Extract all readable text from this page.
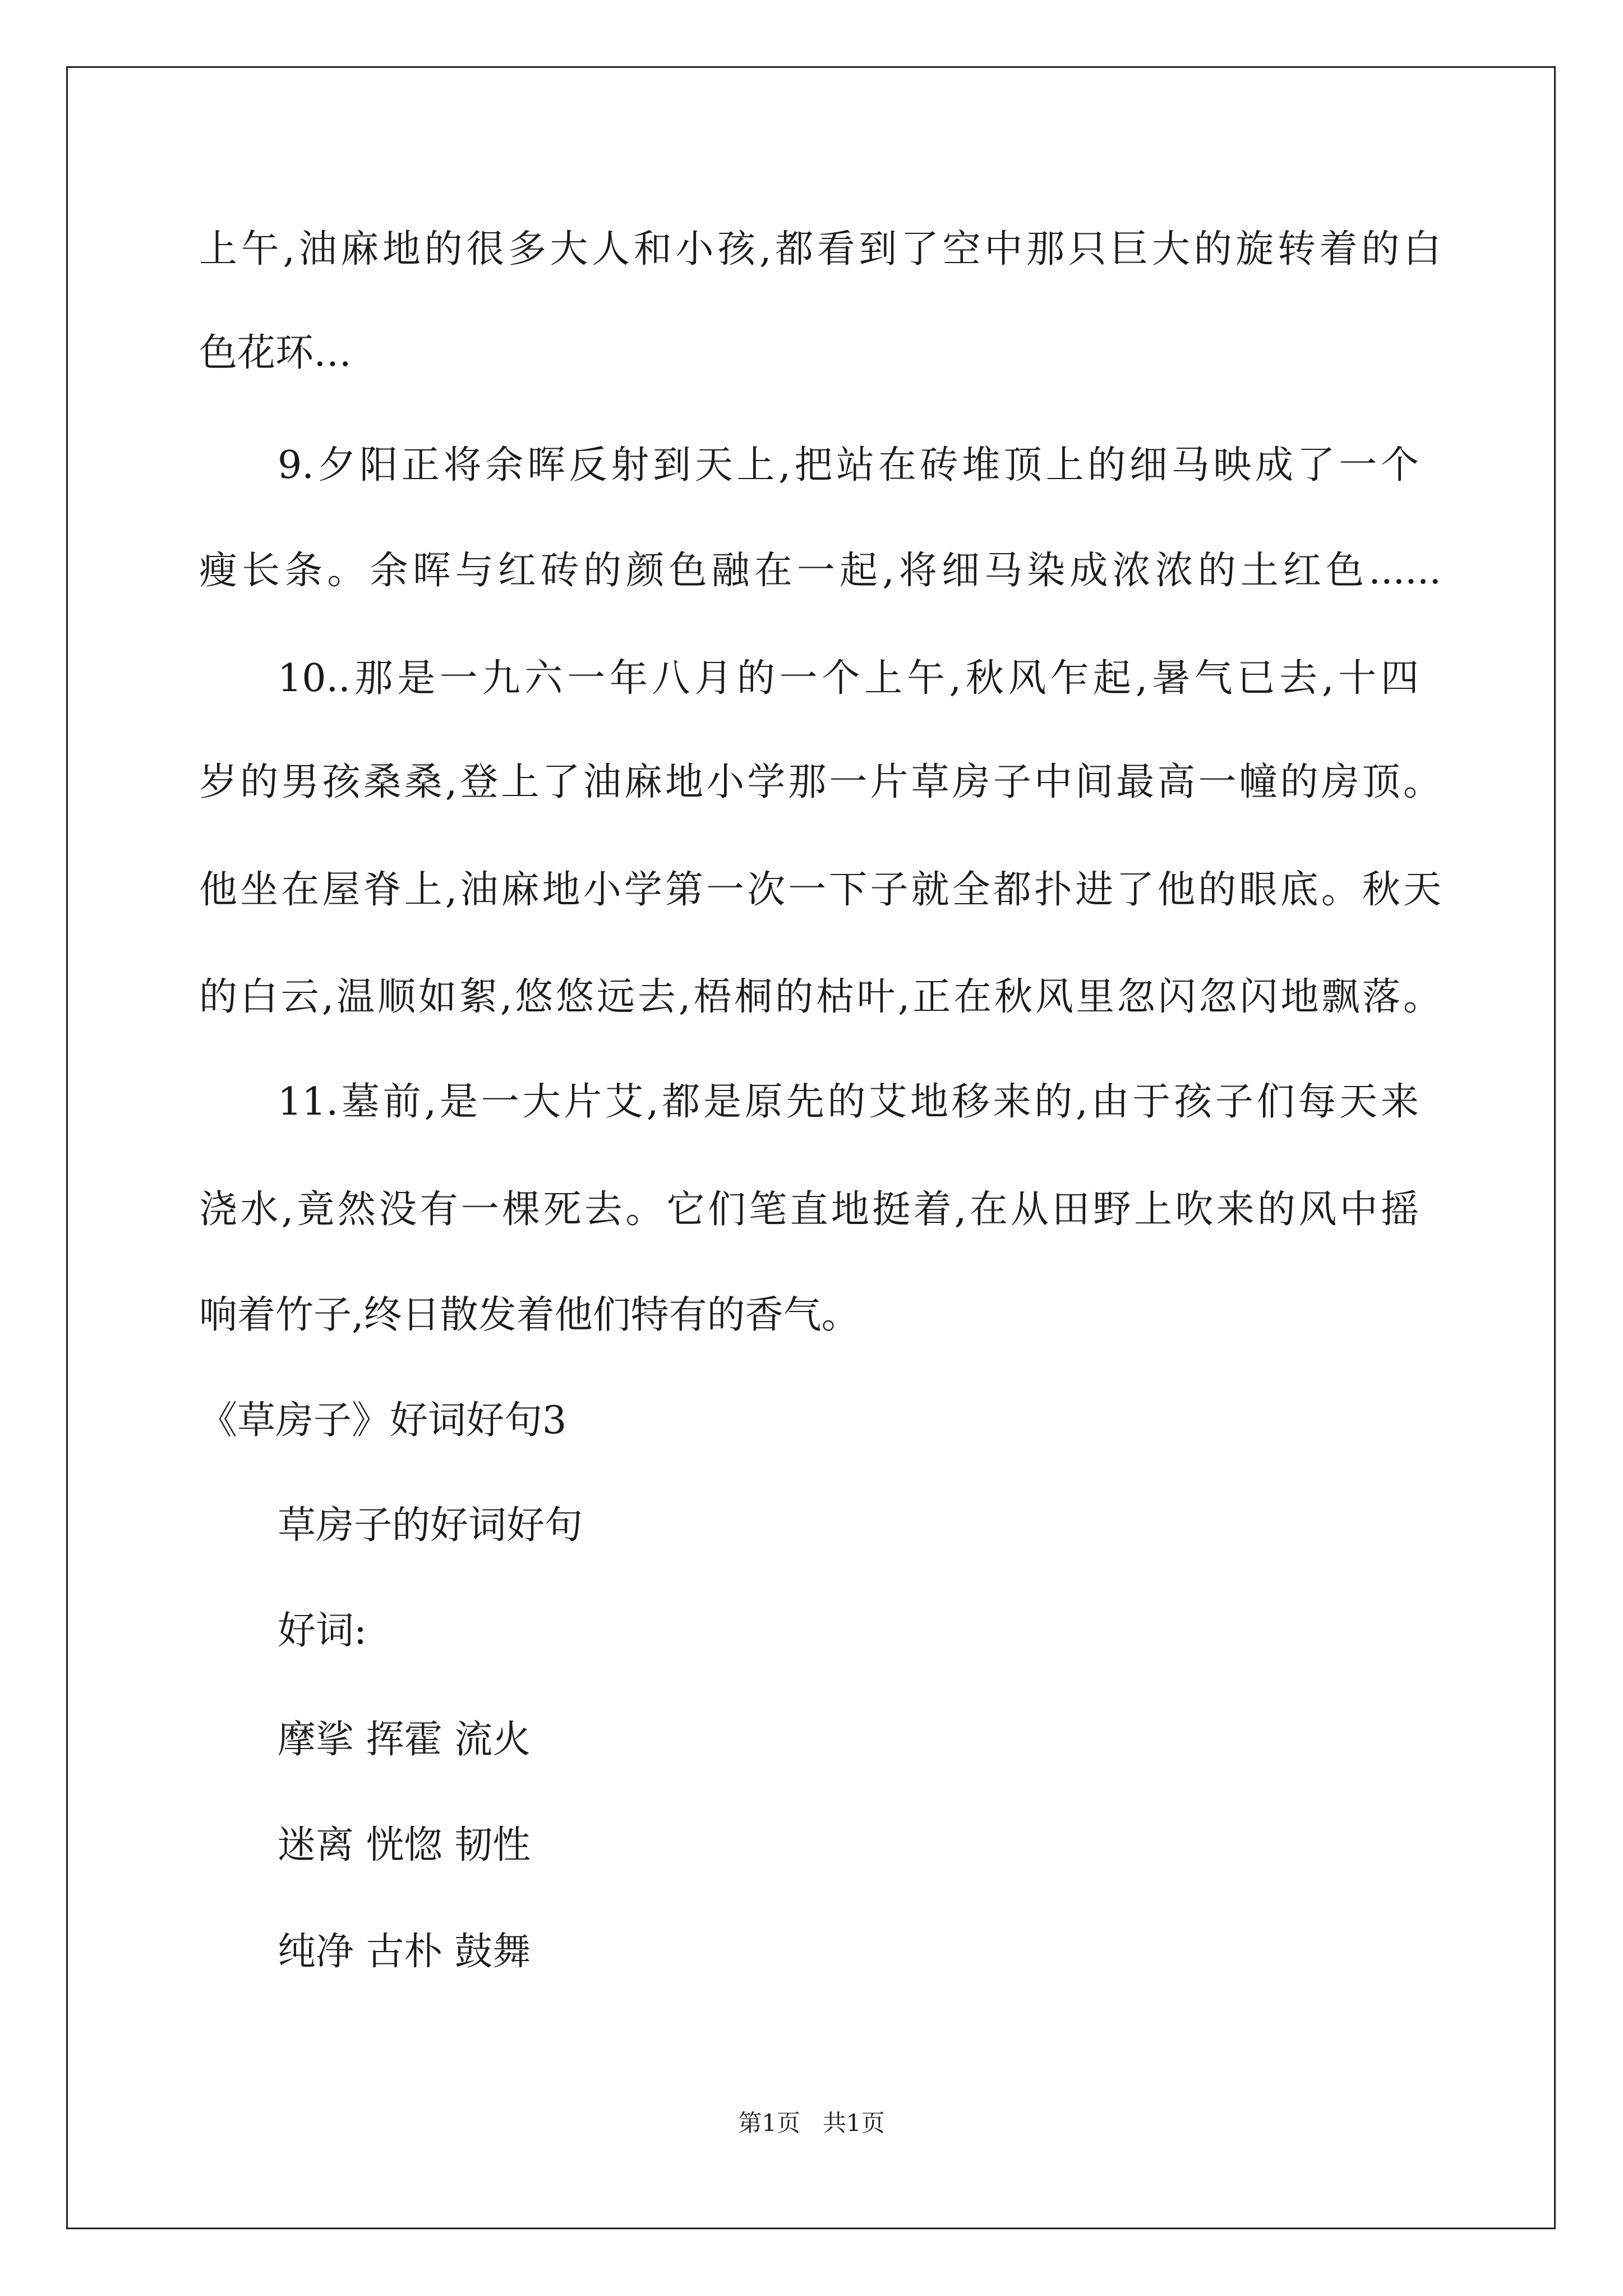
上午,油麻地的很多大人和小孩,都看到了空中那只巨大的旋转着的白
色花环…
9.夕阳正将余晖反射到天上,把站在砖堆顶上的细马映成了一个
瘦长条。余晖与红砖的颜色融在一起,将细马染成浓浓的土红色......
10..那是一九六一年八月的一个上午,秋风乍起,暑气已去,十四
岁的男孩桑桑,登上了油麻地小学那一片草房子中间最高一幢的房顶。
他坐在屋脊上,油麻地小学第一次一下子就全都扑进了他的眼底。秋天
的白云,温顺如絮,悠悠远去,梧桐的枯叶,正在秋风里忽闪忽闪地飘落。
11.墓前,是一大片艾,都是原先的艾地移来的,由于孩子们每天来
浇水,竟然没有一棵死去。它们笔直地挺着,在从田野上吹来的风中摇
响着竹子,终日散发着他们特有的香气。
《草房子》好词好句3
草房子的好词好句
好词:
摩挲 挥霍 流火
迷离 恍惚 韧性
纯净 古朴 鼓舞
第1页   共1页
